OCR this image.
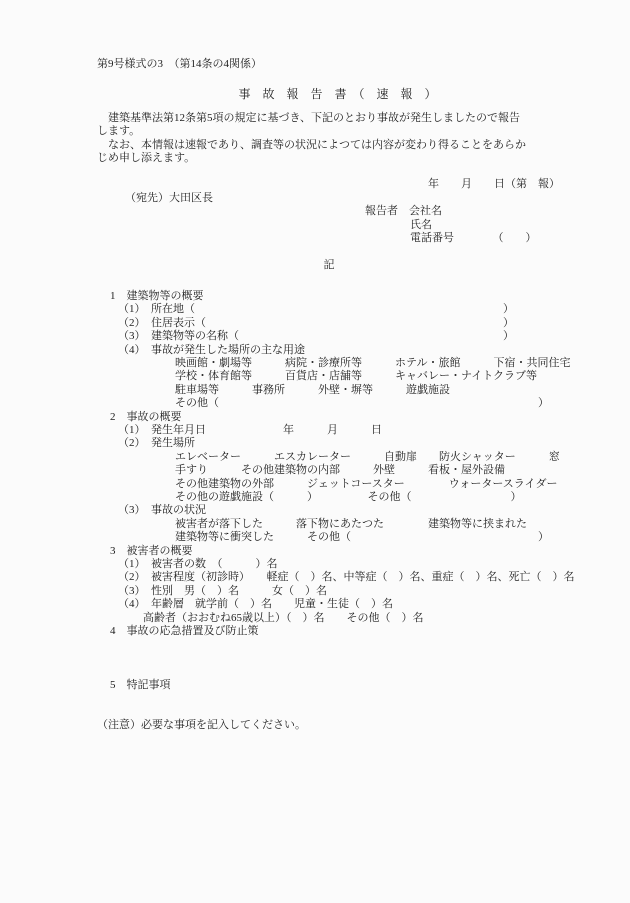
第9号様式の3　（第14条の4関係）
事　故　報　告　書　（　速　報　）
　建築基準法第12条第5項の規定に基づき、下記のとおり事故が発生しましたので報告
します。
　なお、本情報は速報であり、調査等の状況によつては内容が変わり得ることをあらか
じめ申し添えます。
年　　月　　日（第　報）
（宛先）大田区長
報告者　会社名
氏名
電話番号　　　　（　　）
記
1　建築物等の概要
（1）　所在地（　　　　　　　　　　　　　　　　　　　　　　　　　　　　）
（2）　住居表示（　　　　　　　　　　　　　　　　　　　　　　　　　　　）
（3）　建築物等の名称（　　　　　　　　　　　　　　　　　　　　　　　　）
（4）　事故が発生した場所の主な用途
映画館・劇場等　　　病院・診療所等　　　ホテル・旅館　　　下宿・共同住宅
学校・体育館等　　　百貨店・店舗等　　　キャバレー・ナイトクラブ等
駐車場等　　　事務所　　　外壁・塀等　　　遊戯施設
その他（　　　　　　　　　　　　　　　　　　　　　　　　　　　　　）
2　事故の概要
（1）　発生年月日　　　　　　　年　　　月　　　日
（2）　発生場所
エレベーター　　　エスカレーター　　　自動扉　　防火シャッター　　　窓
手すり　　　その他建築物の内部　　　外壁　　　看板・屋外設備
その他建築物の外部　　　ジェットコースター　　　　ウォータースライダー
その他の遊戯施設（　　　）　　　　　その他（　　　　　　　　　）
（3）　事故の状況
被害者が落下した　　　落下物にあたつた　　　　建築物等に挟まれた
建築物等に衝突した　　　その他（　　　　　　　　　　　　　　　　　）
3　被害者の概要
（1）　被害者の数　（　　　）名
（2）　被害程度（初診時）　　軽症（　）名、中等症（　）名、重症（　）名、死亡（　）名
（3）　性別　男（　）名　　　女（　）名
（4）　年齢層　就学前（　）名　　児童・生徒（　）名
高齢者（おおむね65歳以上）（　）名　　その他（　）名
4　事故の応急措置及び防止策
5　特記事項
（注意）必要な事項を記入してください。
